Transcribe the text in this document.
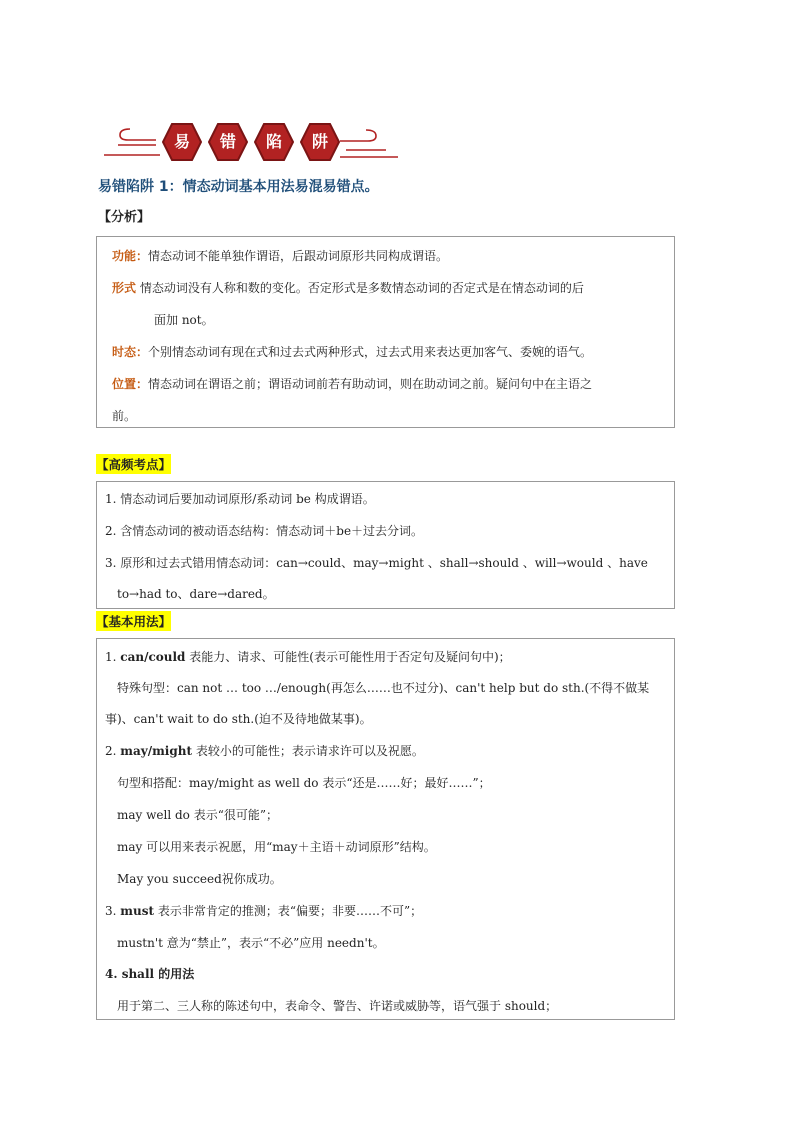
易	错	陷	阱
易错陷阱 1：情态动词基本用法易混易错点。
【分析】
功能：情态动词不能单独作谓语，后跟动词原形共同构成谓语。
形式 情态动词没有人称和数的变化。否定形式是多数情态动词的否定式是在情态动词的后
面加 not。
时态：个别情态动词有现在式和过去式两种形式，过去式用来表达更加客气、委婉的语气。
位置：情态动词在谓语之前；谓语动词前若有助动词，则在助动词之前。疑问句中在主语之
前。
【高频考点】
1. 情态动词后要加动词原形/系动词 be 构成谓语。
2. 含情态动词的被动语态结构：情态动词＋be＋过去分词。
3. 原形和过去式错用情态动词：can→could、may→might 、shall→should 、will→would 、have
to→had to、dare→dared。
【基本用法】
1. can/could 表能力、请求、可能性(表示可能性用于否定句及疑问句中)；
特殊句型：can not … too …/enough(再怎么……也不过分)、can't help but do sth.(不得不做某
事)、can't wait to do sth.(迫不及待地做某事)。
2. may/might 表较小的可能性；表示请求许可以及祝愿。
句型和搭配：may/might as well do 表示“还是……好；最好……”；
may well do 表示“很可能”；
may 可以用来表示祝愿，用“may＋主语＋动词原形”结构。
May you succeed祝你成功。
3. must 表示非常肯定的推测；表“偏要；非要……不可”；
mustn't 意为“禁止”，表示“不必”应用 needn't。
4. shall 的用法
用于第二、三人称的陈述句中，表命令、警告、许诺或威胁等，语气强于 should；
